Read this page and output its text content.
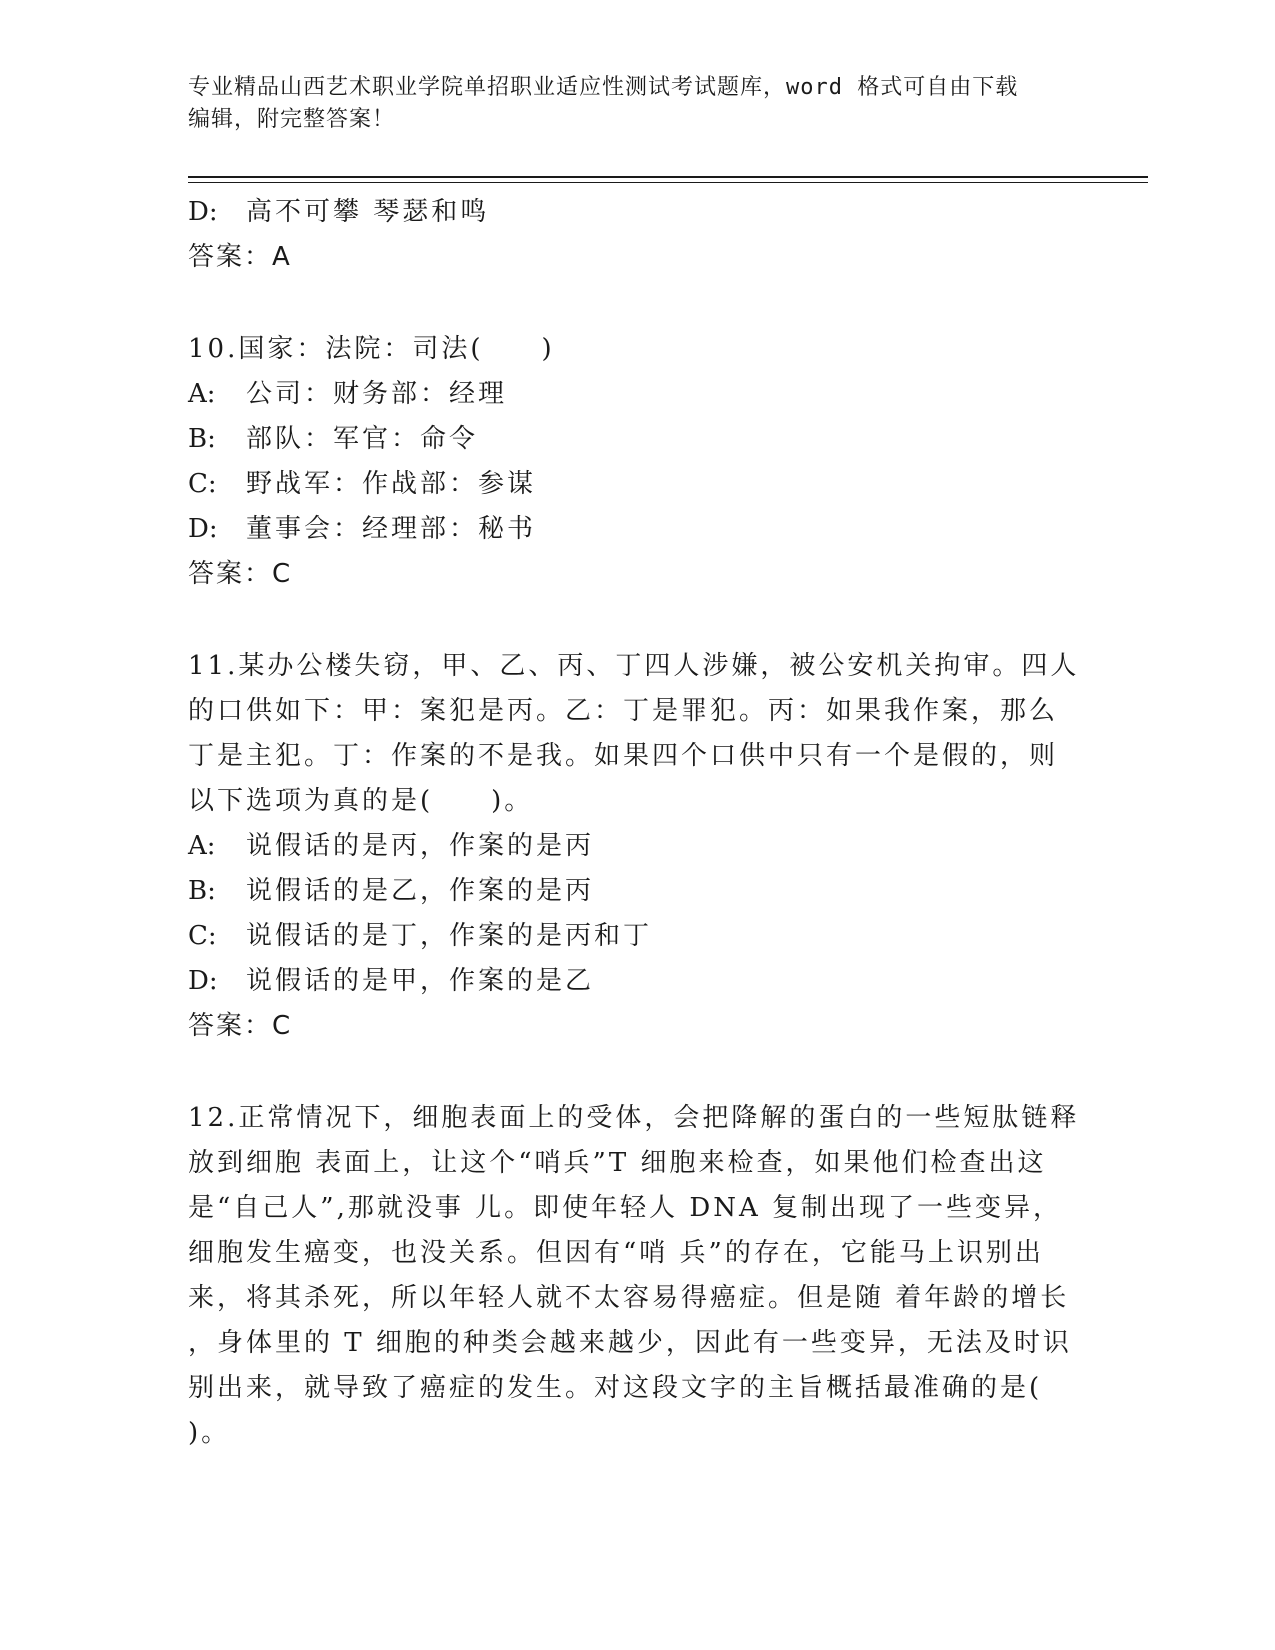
专业精品山西艺术职业学院单招职业适应性测试考试题库，word 格式可自由下载
编辑，附完整答案！
D: 高不可攀 琴瑟和鸣
答案：A
10.国家：法院：司法(　　)
A: 公司：财务部：经理
B: 部队：军官：命令
C: 野战军：作战部：参谋
D: 董事会：经理部：秘书
答案：C
11.某办公楼失窃，甲、乙、丙、丁四人涉嫌，被公安机关拘审。四人
的口供如下：甲：案犯是丙。乙：丁是罪犯。丙：如果我作案，那么
丁是主犯。丁：作案的不是我。如果四个口供中只有一个是假的，则
以下选项为真的是(　　)。
A: 说假话的是丙，作案的是丙
B: 说假话的是乙，作案的是丙
C: 说假话的是丁，作案的是丙和丁
D: 说假话的是甲，作案的是乙
答案：C
12.正常情况下，细胞表面上的受体，会把降解的蛋白的一些短肽链释
放到细胞 表面上，让这个“哨兵”T 细胞来检查，如果他们检查出这
是“自己人”,那就没事 儿。即使年轻人 DNA 复制出现了一些变异，
细胞发生癌变，也没关系。但因有“哨 兵”的存在，它能马上识别出
来，将其杀死，所以年轻人就不太容易得癌症。但是随 着年龄的增长
，身体里的 T 细胞的种类会越来越少，因此有一些变异，无法及时识
别出来，就导致了癌症的发生。对这段文字的主旨概括最准确的是(
)。
